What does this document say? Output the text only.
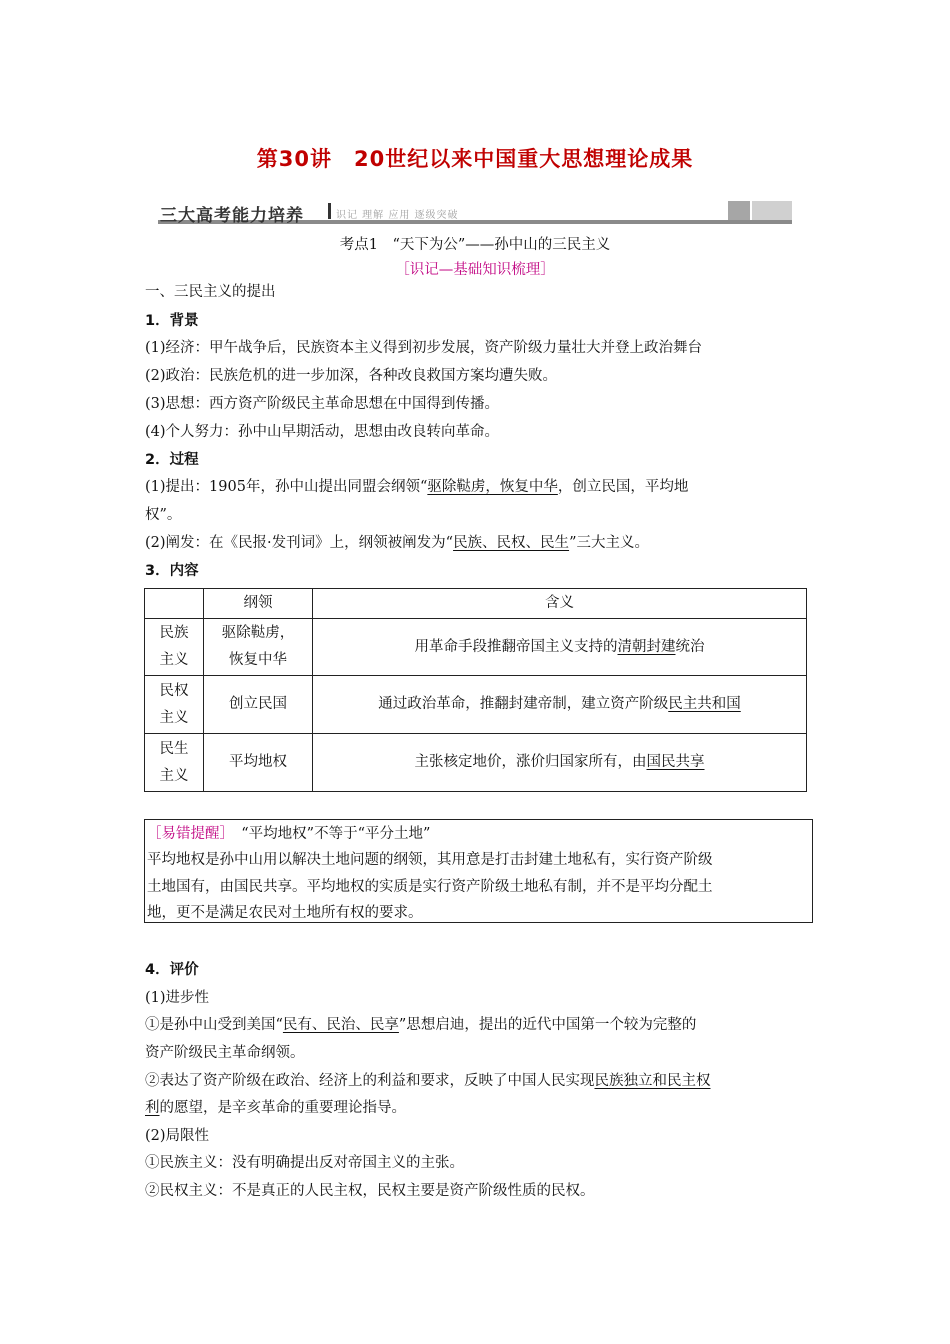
第30讲　20世纪以来中国重大思想理论成果
三大高考能力培养	识记 理解 应用 逐级突破
考点1　“天下为公”——孙中山的三民主义
［识记—基础知识梳理］
一、三民主义的提出
1．背景
(1)经济：甲午战争后，民族资本主义得到初步发展，资产阶级力量壮大并登上政治舞台
(2)政治：民族危机的进一步加深，各种改良救国方案均遭失败。
(3)思想：西方资产阶级民主革命思想在中国得到传播。
(4)个人努力：孙中山早期活动，思想由改良转向革命。
2．过程
(1)提出：1905年，孙中山提出同盟会纲领“驱除鞑虏，恢复中华，创立民国，平均地
权”。
(2)阐发：在《民报·发刊词》上，纲领被阐发为“民族、民权、民生”三大主义。
3．内容
	纲领	含义
民族
主义	驱除鞑虏，
恢复中华	用革命手段推翻帝国主义支持的清朝封建统治
民权
主义	创立民国	通过政治革命，推翻封建帝制，建立资产阶级民主共和国
民生
主义	平均地权	主张核定地价，涨价归国家所有，由国民共享
［易错提醒］　“平均地权”不等于“平分土地”
平均地权是孙中山用以解决土地问题的纲领，其用意是打击封建土地私有，实行资产阶级
土地国有，由国民共享。平均地权的实质是实行资产阶级土地私有制，并不是平均分配土
地，更不是满足农民对土地所有权的要求。
4．评价
(1)进步性
①是孙中山受到美国“民有、民治、民享”思想启迪，提出的近代中国第一个较为完整的
资产阶级民主革命纲领。
②表达了资产阶级在政治、经济上的利益和要求，反映了中国人民实现民族独立和民主权
利的愿望，是辛亥革命的重要理论指导。
(2)局限性
①民族主义：没有明确提出反对帝国主义的主张。
②民权主义：不是真正的人民主权，民权主要是资产阶级性质的民权。
